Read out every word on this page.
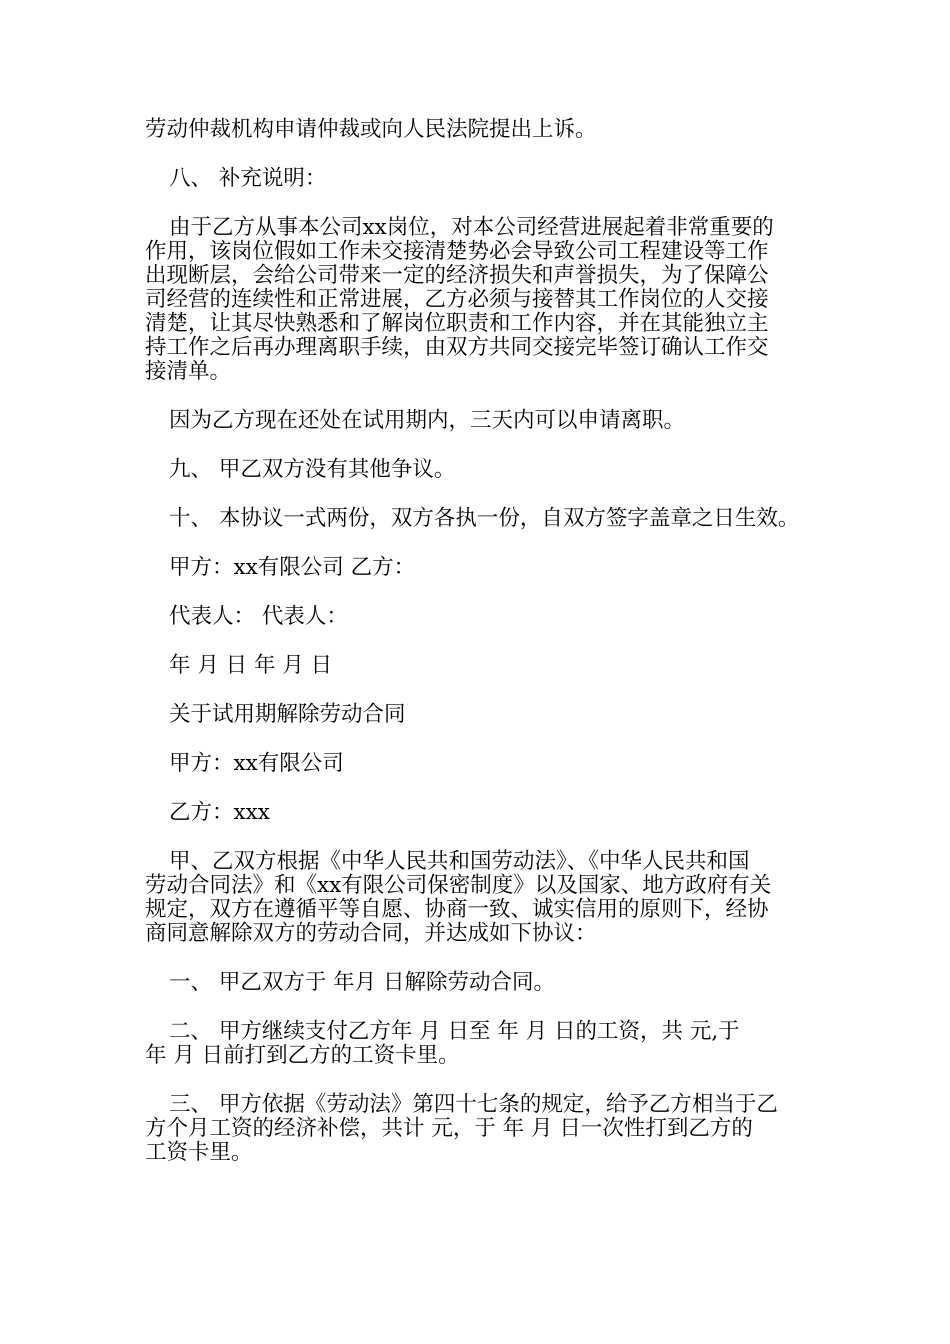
劳动仲裁机构申请仲裁或向人民法院提出上诉。
八、 补充说明：
由于乙方从事本公司xx岗位，对本公司经营进展起着非常重要的
作用，该岗位假如工作未交接清楚势必会导致公司工程建设等工作
出现断层，会给公司带来一定的经济损失和声誉损失，为了保障公
司经营的连续性和正常进展，乙方必须与接替其工作岗位的人交接
清楚，让其尽快熟悉和了解岗位职责和工作内容，并在其能独立主
持工作之后再办理离职手续，由双方共同交接完毕签订确认工作交
接清单。
因为乙方现在还处在试用期内，三天内可以申请离职。
九、 甲乙双方没有其他争议。
十、 本协议一式两份，双方各执一份，自双方签字盖章之日生效。
甲方：xx有限公司 乙方：
代表人： 代表人：
年 月 日 年 月 日
关于试用期解除劳动合同
甲方：xx有限公司
乙方：xxx
甲、乙双方根据《中华人民共和国劳动法》、《中华人民共和国
劳动合同法》和《xx有限公司保密制度》以及国家、地方政府有关
规定，双方在遵循平等自愿、协商一致、诚实信用的原则下，经协
商同意解除双方的劳动合同，并达成如下协议：
一、 甲乙双方于 年月 日解除劳动合同。
二、 甲方继续支付乙方年 月 日至 年 月 日的工资，共 元,于
年 月 日前打到乙方的工资卡里。
三、 甲方依据《劳动法》第四十七条的规定，给予乙方相当于乙
方个月工资的经济补偿，共计 元，于 年 月 日一次性打到乙方的
工资卡里。
